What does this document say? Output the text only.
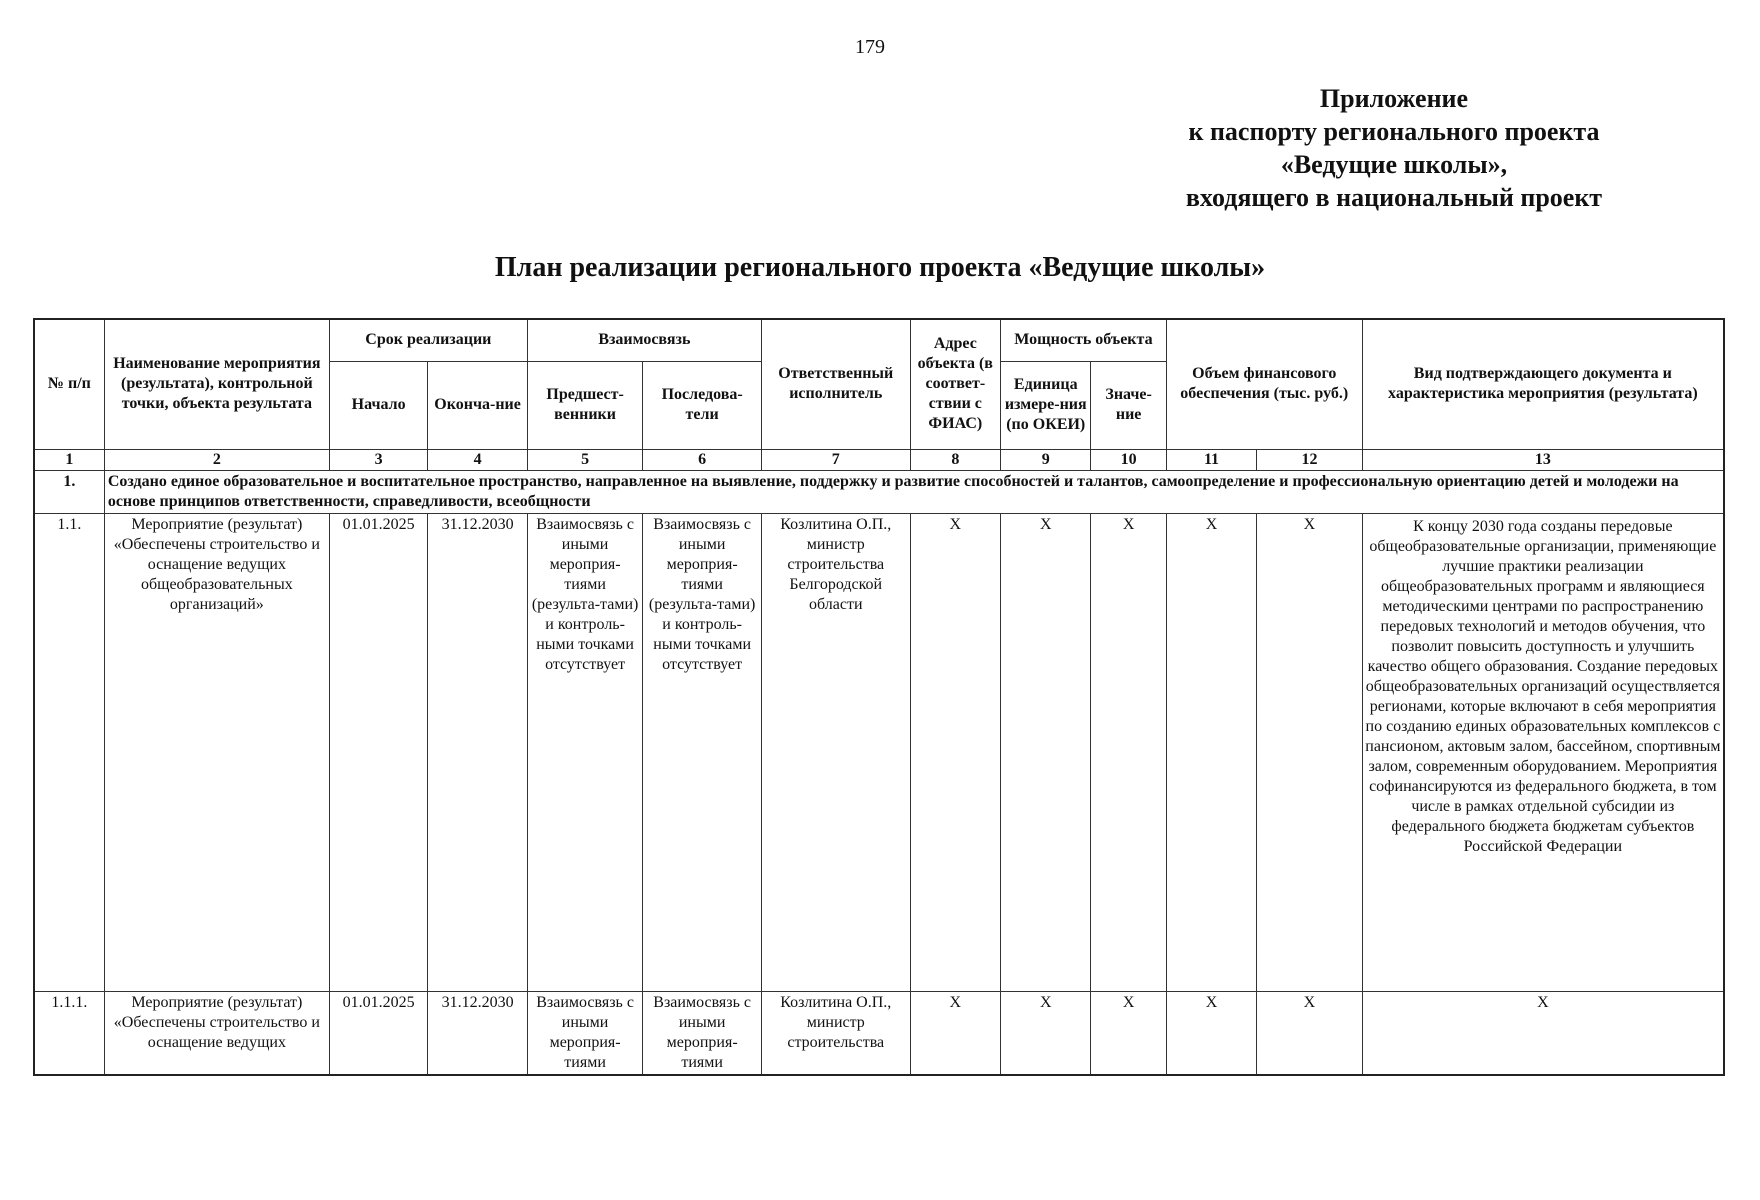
179
Приложение
к паспорту регионального проекта
«Ведущие школы»,
входящего в национальный проект
План реализации регионального проекта «Ведущие школы»
№ п/п	Наименование мероприятия (результата), контрольной точки, объекта результата	Срок реализации		Взаимосвязь		Ответственный исполнитель	Адрес объекта (в соответ-ствии с ФИАС)	Мощность объекта		Объем финансового обеспечения (тыс. руб.)		Вид подтверждающего документа и характеристика мероприятия (результата)
		Начало	Оконча-ние	Предшест-венники	Последова-тели			Единица измере-ния (по ОКЕИ)	Значе-ние			
1	2	3	4	5	6	7	8	9	10	11	12	13
1.	Создано единое образовательное и воспитательное пространство, направленное на выявление, поддержку и развитие способностей и талантов, самоопределение и профессиональную ориентацию детей и молодежи на основе принципов ответственности, справедливости, всеобщности											
1.1.	Мероприятие (результат) «Обеспечены строительство и оснащение ведущих общеобразовательных организаций»	01.01.2025	31.12.2030	Взаимосвязь с иными мероприя-тиями (результа-тами) и контроль-ными точками отсутствует	Взаимосвязь с иными мероприя-тиями (результа-тами) и контроль-ными точками отсутствует	Козлитина О.П., министр строительства Белгородской области	X	X	X	X	X	К концу 2030 года созданы передовые общеобразовательные организации, применяющие лучшие практики реализации общеобразовательных программ и являющиеся методическими центрами по распространению передовых технологий и методов обучения, что позволит повысить доступность и улучшить качество общего образования. Создание передовых общеобразовательных организаций осуществляется регионами, которые включают в себя мероприятия по созданию единых образовательных комплексов с пансионом, актовым залом, бассейном, спортивным залом, современным оборудованием. Мероприятия софинансируются из федерального бюджета, в том числе в рамках отдельной субсидии из федерального бюджета бюджетам субъектов Российской Федерации
1.1.1.	Мероприятие (результат) «Обеспечены строительство и оснащение ведущих	01.01.2025	31.12.2030	Взаимосвязь с иными мероприя-тиями	Взаимосвязь с иными мероприя-тиями	Козлитина О.П., министр строительства	X	X	X	X	X	X
